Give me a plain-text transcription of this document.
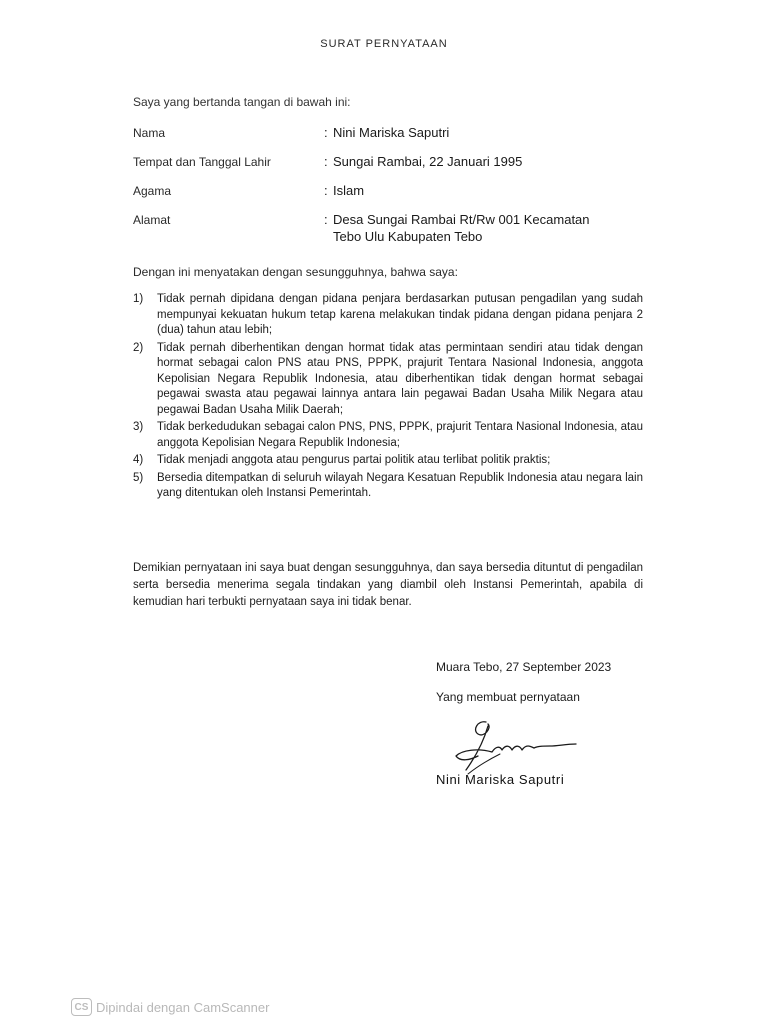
SURAT PERNYATAAN
Saya yang bertanda tangan di bawah ini:
Nama	: Nini Mariska Saputri
Tempat dan Tanggal Lahir	: Sungai Rambai, 22 Januari 1995
Agama	: Islam
Alamat	: Desa Sungai Rambai Rt/Rw 001 Kecamatan
Tebo Ulu Kabupaten Tebo
Dengan ini menyatakan dengan sesungguhnya, bahwa saya:
1) Tidak pernah dipidana dengan pidana penjara berdasarkan putusan pengadilan yang sudah mempunyai kekuatan hukum tetap karena melakukan tindak pidana dengan pidana penjara 2 (dua) tahun atau lebih;
2) Tidak pernah diberhentikan dengan hormat tidak atas permintaan sendiri atau tidak dengan hormat sebagai calon PNS atau PNS, PPPK, prajurit Tentara Nasional Indonesia, anggota Kepolisian Negara Republik Indonesia, atau diberhentikan tidak dengan hormat sebagai pegawai swasta atau pegawai lainnya antara lain pegawai Badan Usaha Milik Negara atau pegawai Badan Usaha Milik Daerah;
3) Tidak berkedudukan sebagai calon PNS, PNS, PPPK, prajurit Tentara Nasional Indonesia, atau anggota Kepolisian Negara Republik Indonesia;
4) Tidak menjadi anggota atau pengurus partai politik atau terlibat politik praktis;
5) Bersedia ditempatkan di seluruh wilayah Negara Kesatuan Republik Indonesia atau negara lain yang ditentukan oleh Instansi Pemerintah.
Demikian pernyataan ini saya buat dengan sesungguhnya, dan saya bersedia dituntut di pengadilan serta bersedia menerima segala tindakan yang diambil oleh Instansi Pemerintah, apabila di kemudian hari terbukti pernyataan saya ini tidak benar.
Muara Tebo, 27 September 2023
Yang membuat pernyataan
Nini Mariska Saputri
CS Dipindai dengan CamScanner
